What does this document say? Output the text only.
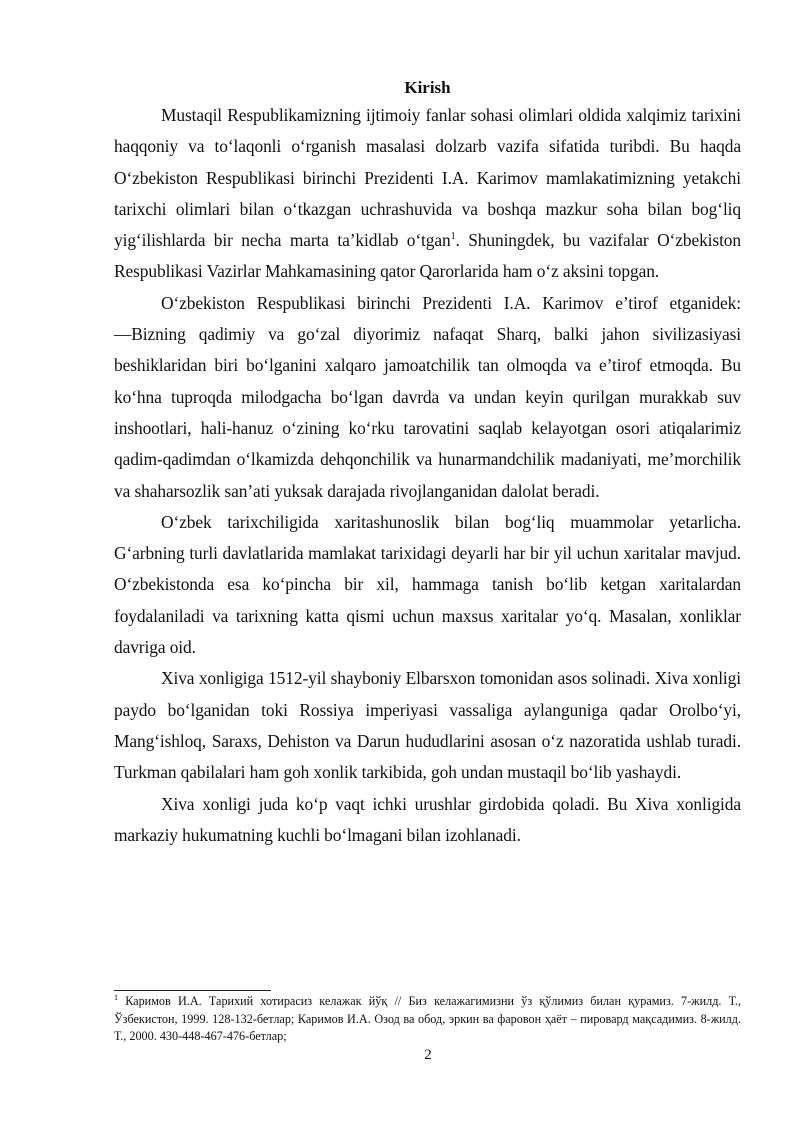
Kirish

Mustaqil Respublikamizning ijtimoiy fanlar sohasi olimlari oldida xalqimiz tarixini haqqoniy va to‘laqonli o‘rganish masalasi dolzarb vazifa sifatida turibdi. Bu haqda O‘zbekiston Respublikasi birinchi Prezidenti I.A. Karimov mamlakatimizning yetakchi tarixchi olimlari bilan o‘tkazgan uchrashuvida va boshqa mazkur soha bilan bog‘liq yig‘ilishlarda bir necha marta ta’kidlab o‘tgan$^1$. Shuningdek, bu vazifalar O‘zbekiston Respublikasi Vazirlar Mahkamasining qator Qarorlarida ham o‘z aksini topgan.

O‘zbekiston Respublikasi birinchi Prezidenti I.A. Karimov e’tirof etganidek: ―Bizning qadimiy va go‘zal diyorimiz nafaqat Sharq, balki jahon sivilizasiyasi beshiklaridan biri bo‘lganini xalqaro jamoatchilik tan olmoqda va e’tirof etmoqda. Bu ko‘hna tuproqda milodgacha bo‘lgan davrda va undan keyin qurilgan murakkab suv inshootlari, hali-hanuz o‘zining ko‘rku tarovatini saqlab kelayotgan osori atiqalarimiz qadim-qadimdan o‘lkamizda dehqonchilik va hunarmandchilik madaniyati, me’morchilik va shaharsozlik san’ati yuksak darajada rivojlanganidan dalolat beradi.

O‘zbek tarixchiligida xaritashunoslik bilan bog‘liq muammolar yetarlicha. G‘arbning turli davlatlarida mamlakat tarixidagi deyarli har bir yil uchun xaritalar mavjud. O‘zbekistonda esa ko‘pincha bir xil, hammaga tanish bo‘lib ketgan xaritalardan foydalaniladi va tarixning katta qismi uchun maxsus xaritalar yo‘q. Masalan, xonliklar davriga oid.

Xiva xonligiga 1512-yil shayboniy Elbarsxon tomonidan asos solinadi. Xiva xonligi paydo bo‘lganidan toki Rossiya imperiyasi vassaliga aylanguniga qadar Orolbo‘yi, Mang‘ishloq, Saraxs, Dehiston va Darun hududlarini asosan o‘z nazoratida ushlab turadi. Turkman qabilalari ham goh xonlik tarkibida, goh undan mustaqil bo‘lib yashaydi.

Xiva xonligi juda ko‘p vaqt ichki urushlar girdobida qoladi. Bu Xiva xonligida markaziy hukumatning kuchli bo‘lmagani bilan izohlanadi.

$^1$ Каримов И.А. Тарихий хотирасиз келажак йўқ // Биз келажагимизни ўз қўлимиз билан қурамиз. 7-жилд. Т., Ўзбекистон, 1999. 128-132-бетлар; Каримов И.А. Озод ва обод, эркин ва фаровон ҳаёт – пировард мақсадимиз. 8-жилд. Т., 2000. 430-448-467-476-бетлар;

2
